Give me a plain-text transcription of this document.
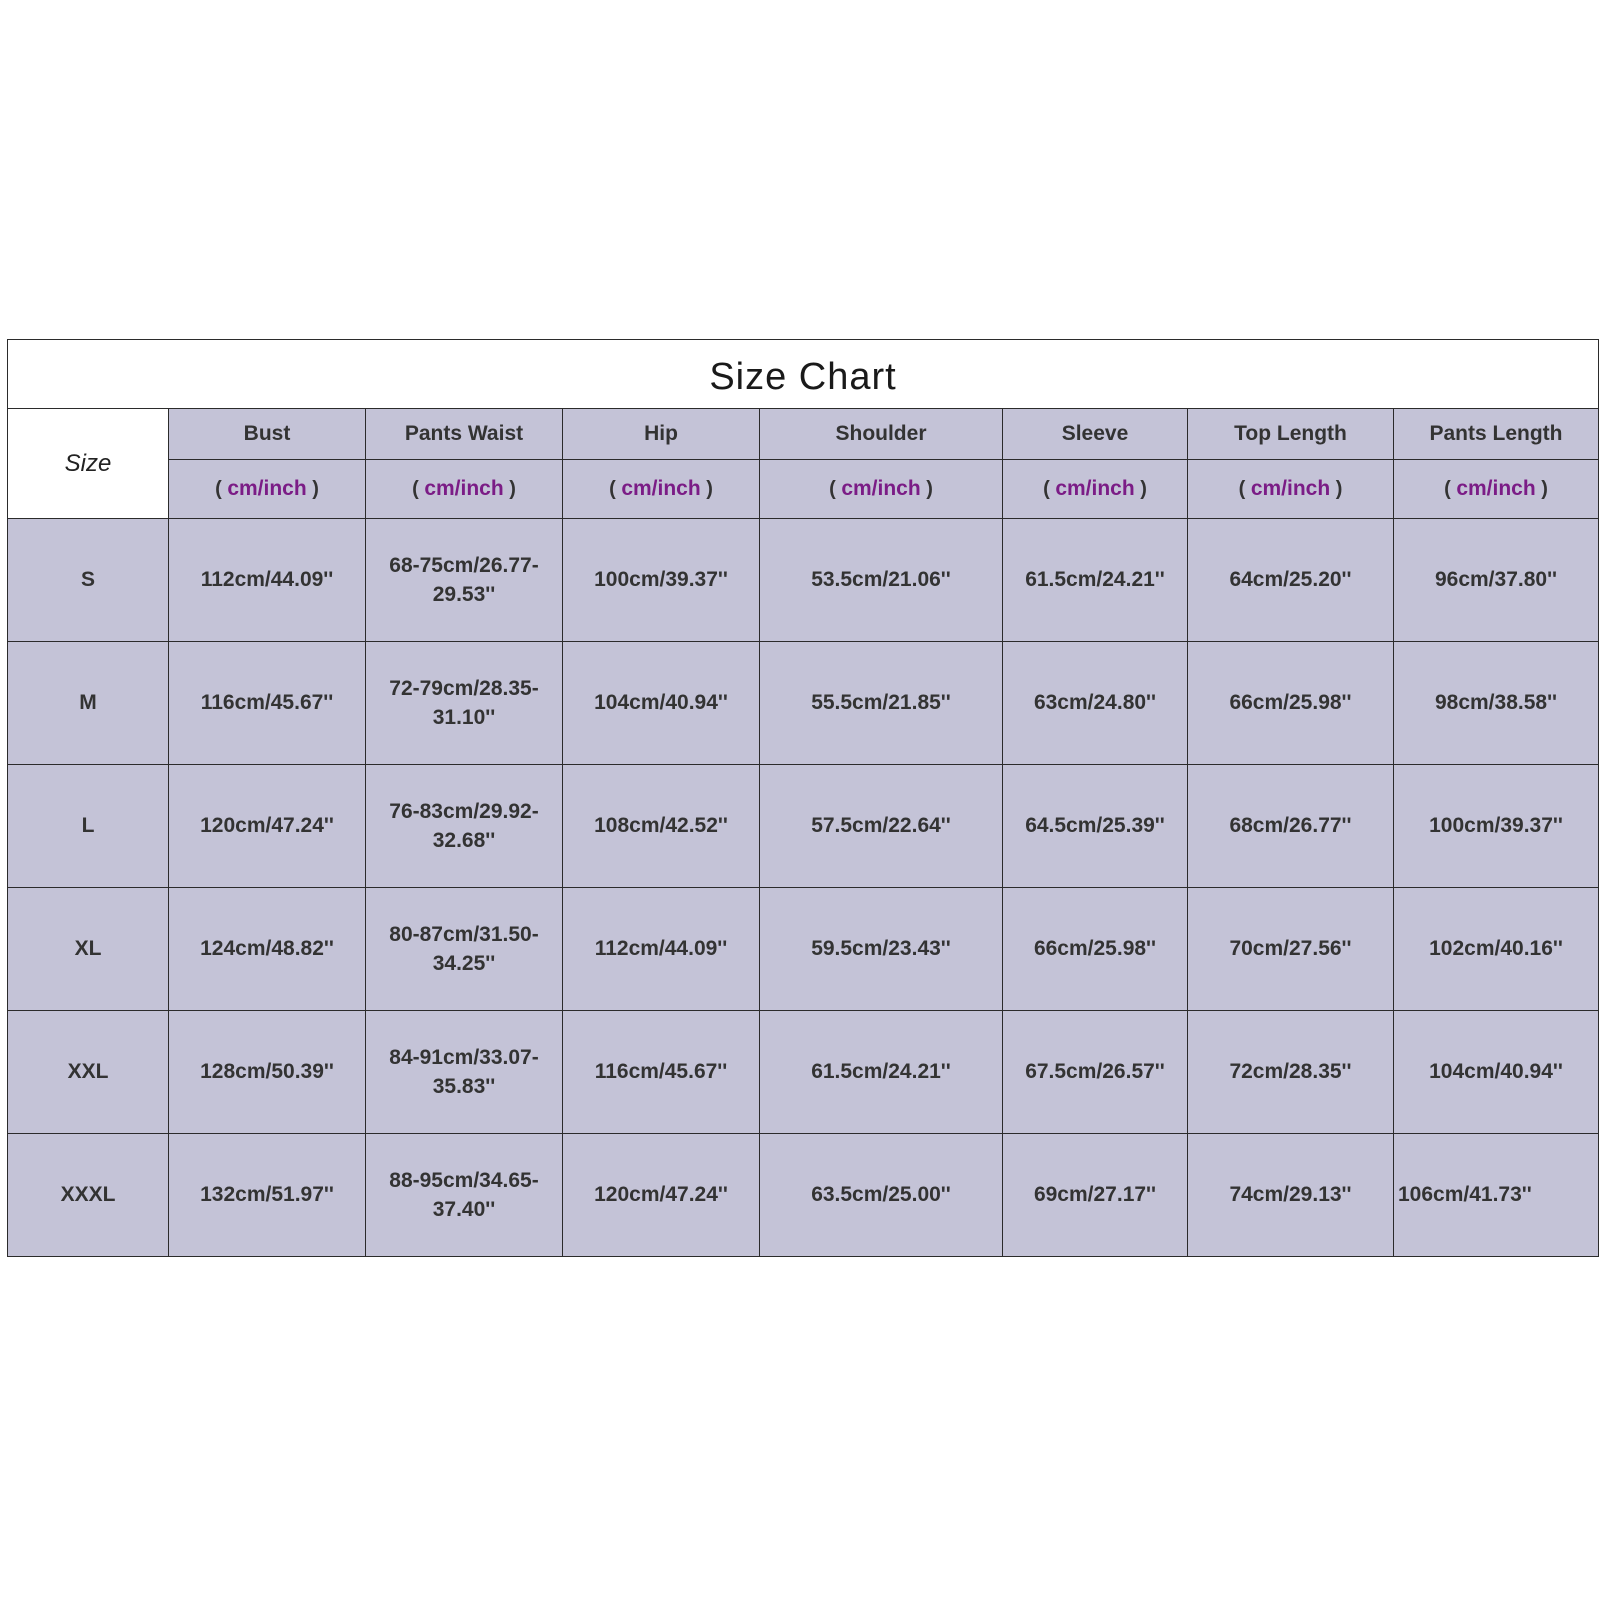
Size Chart							
Size	Bust	Pants Waist	Hip	Shoulder	Sleeve	Top Length	Pants Length
	( cm/inch )	( cm/inch )	( cm/inch )	( cm/inch )	( cm/inch )	( cm/inch )	( cm/inch )
S	112cm/44.09''	68-75cm/26.77-29.53''	100cm/39.37''	53.5cm/21.06''	61.5cm/24.21''	64cm/25.20''	96cm/37.80''
M	116cm/45.67''	72-79cm/28.35-31.10''	104cm/40.94''	55.5cm/21.85''	63cm/24.80''	66cm/25.98''	98cm/38.58''
L	120cm/47.24''	76-83cm/29.92-32.68''	108cm/42.52''	57.5cm/22.64''	64.5cm/25.39''	68cm/26.77''	100cm/39.37''
XL	124cm/48.82''	80-87cm/31.50-34.25''	112cm/44.09''	59.5cm/23.43''	66cm/25.98''	70cm/27.56''	102cm/40.16''
XXL	128cm/50.39''	84-91cm/33.07-35.83''	116cm/45.67''	61.5cm/24.21''	67.5cm/26.57''	72cm/28.35''	104cm/40.94''
XXXL	132cm/51.97''	88-95cm/34.65-37.40''	120cm/47.24''	63.5cm/25.00''	69cm/27.17''	74cm/29.13''	106cm/41.73''
